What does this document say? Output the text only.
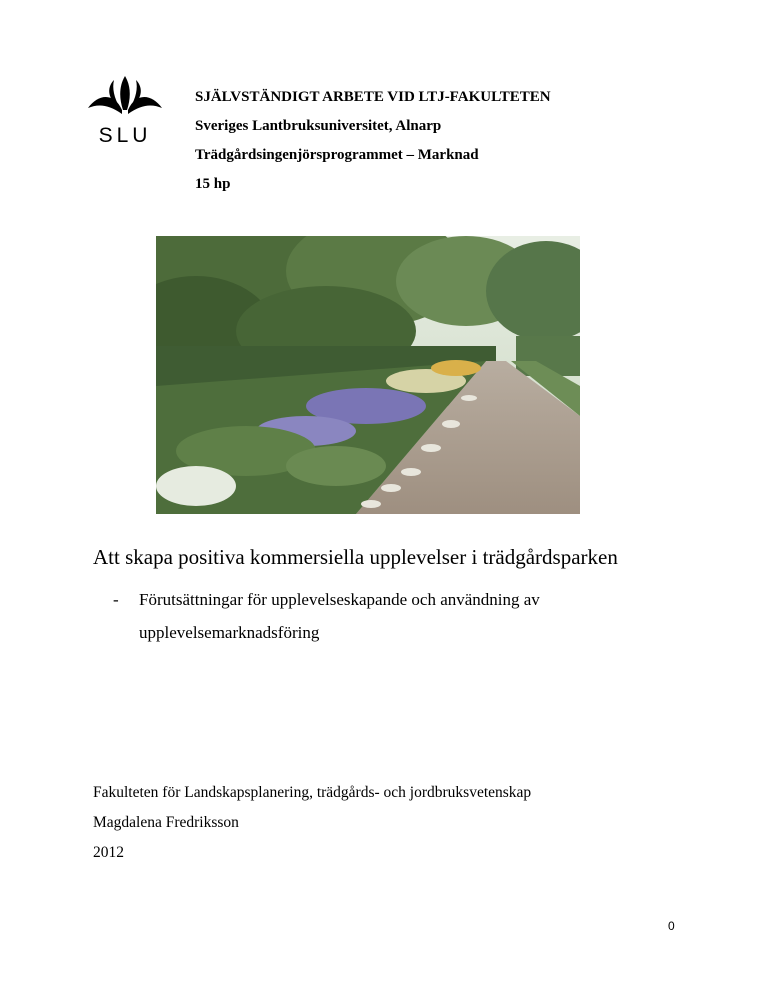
SLU
SJÄLVSTÄNDIGT ARBETE VID LTJ-FAKULTETEN
Sveriges Lantbruksuniversitet, Alnarp
Trädgårdsingenjörsprogrammet – Marknad
15 hp
Att skapa positiva kommersiella upplevelser i trädgårdsparken
-	Förutsättningar för upplevelseskapande och användning av
upplevelsemarknadsföring
Fakulteten för Landskapsplanering, trädgårds- och jordbruksvetenskap
Magdalena Fredriksson
2012
0
